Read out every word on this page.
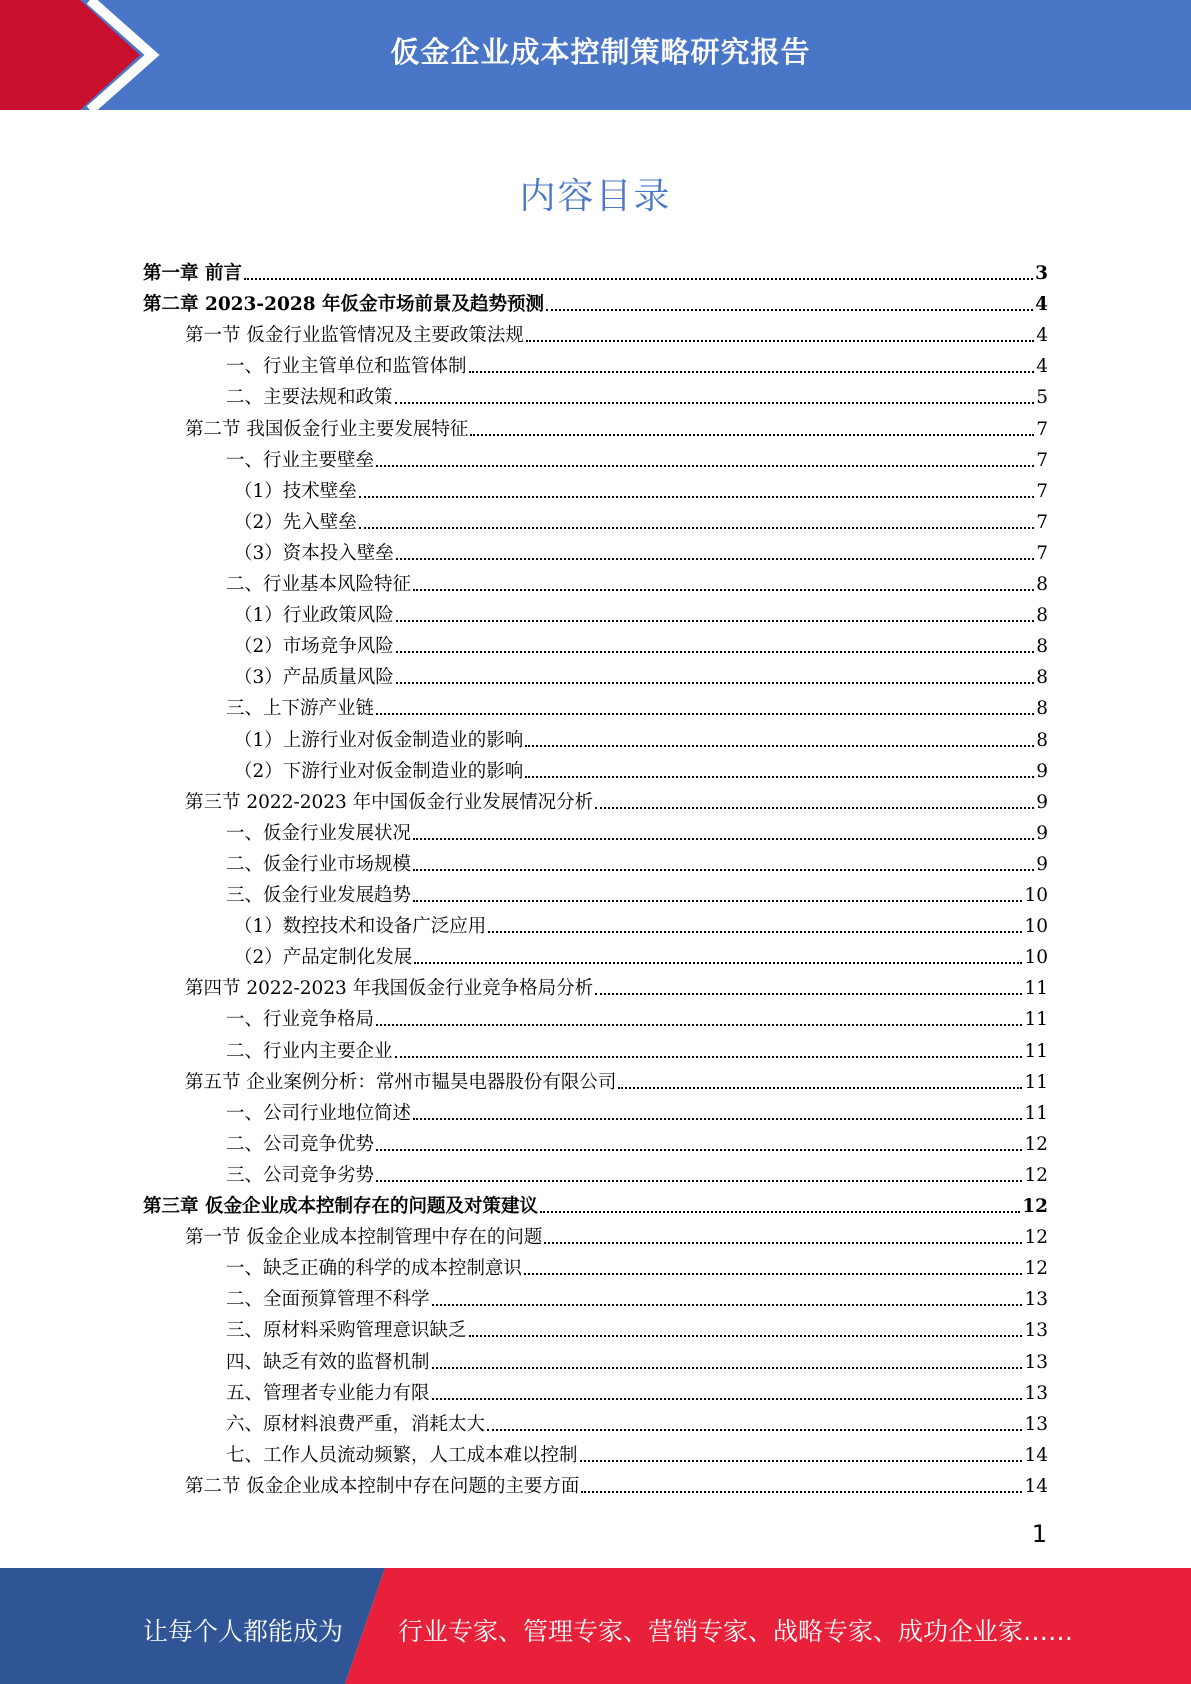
仮金企业成本控制策略研究报告
内容目录
第一章 前言	3
第二章 2023-2028 年仮金市场前景及趋势预测	4
第一节 仮金行业监管情况及主要政策法规	4
一、行业主管单位和监管体制	4
二、主要法规和政策	5
第二节 我国仮金行业主要发展特征	7
一、行业主要壁垒	7
（1）技术壁垒	7
（2）先入壁垒	7
（3）资本投入壁垒	7
二、行业基本风险特征	8
（1）行业政策风险	8
（2）市场竞争风险	8
（3）产品质量风险	8
三、上下游产业链	8
（1）上游行业对仮金制造业的影响	8
（2）下游行业对仮金制造业的影响	9
第三节 2022-2023 年中国仮金行业发展情况分析	9
一、仮金行业发展状况	9
二、仮金行业市场规模	9
三、仮金行业发展趋势	10
（1）数控技术和设备广泛应用	10
（2）产品定制化发展	10
第四节 2022-2023 年我国仮金行业竞争格局分析	11
一、行业竞争格局	11
二、行业内主要企业	11
第五节 企业案例分析：常州市韫昊电器股份有限公司	11
一、公司行业地位简述	11
二、公司竞争优势	12
三、公司竞争劣势	12
第三章 仮金企业成本控制存在的问题及对策建议	12
第一节 仮金企业成本控制管理中存在的问题	12
一、缺乏正确的科学的成本控制意识	12
二、全面预算管理不科学	13
三、原材料采购管理意识缺乏	13
四、缺乏有效的监督机制	13
五、管理者专业能力有限	13
六、原材料浪费严重，消耗太大	13
七、工作人员流动频繁，人工成本难以控制	14
第二节 仮金企业成本控制中存在问题的主要方面	14
1
让每个人都能成为 行业专家、管理专家、营销专家、战略专家、成功企业家……
